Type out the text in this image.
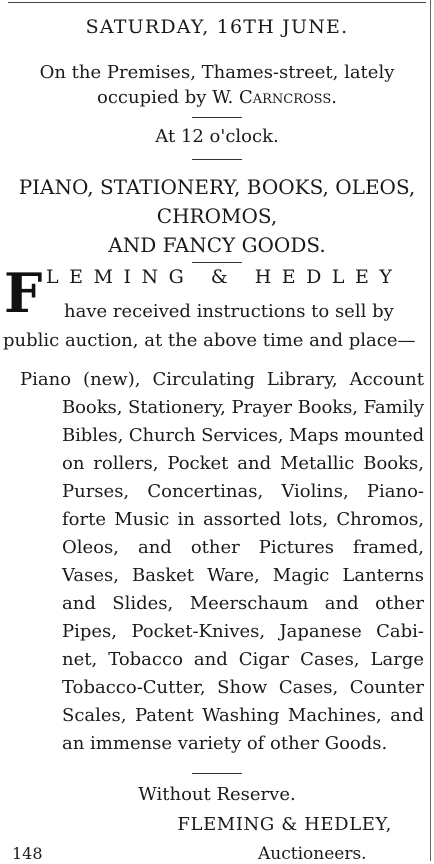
SATURDAY, 16TH JUNE.
On the Premises, Thames-street, lately
occupied by W. Carncross.
At 12 o'clock.
PIANO, STATIONERY, BOOKS, OLEOS,
CHROMOS,
AND FANCY GOODS.
F LEMING & HEDLEY
have received instructions to sell by
public auction, at the above time and place—
Piano (new), Circulating Library, Account
Books, Stationery, Prayer Books, Family
Bibles, Church Services, Maps mounted
on rollers, Pocket and Metallic Books,
Purses, Concertinas, Violins, Piano-
forte Music in assorted lots, Chromos,
Oleos, and other Pictures framed,
Vases, Basket Ware, Magic Lanterns
and Slides, Meerschaum and other
Pipes, Pocket-Knives, Japanese Cabi-
net, Tobacco and Cigar Cases, Large
Tobacco-Cutter, Show Cases, Counter
Scales, Patent Washing Machines, and
an immense variety of other Goods.
Without Reserve.
FLEMING & HEDLEY,
148	Auctioneers.
